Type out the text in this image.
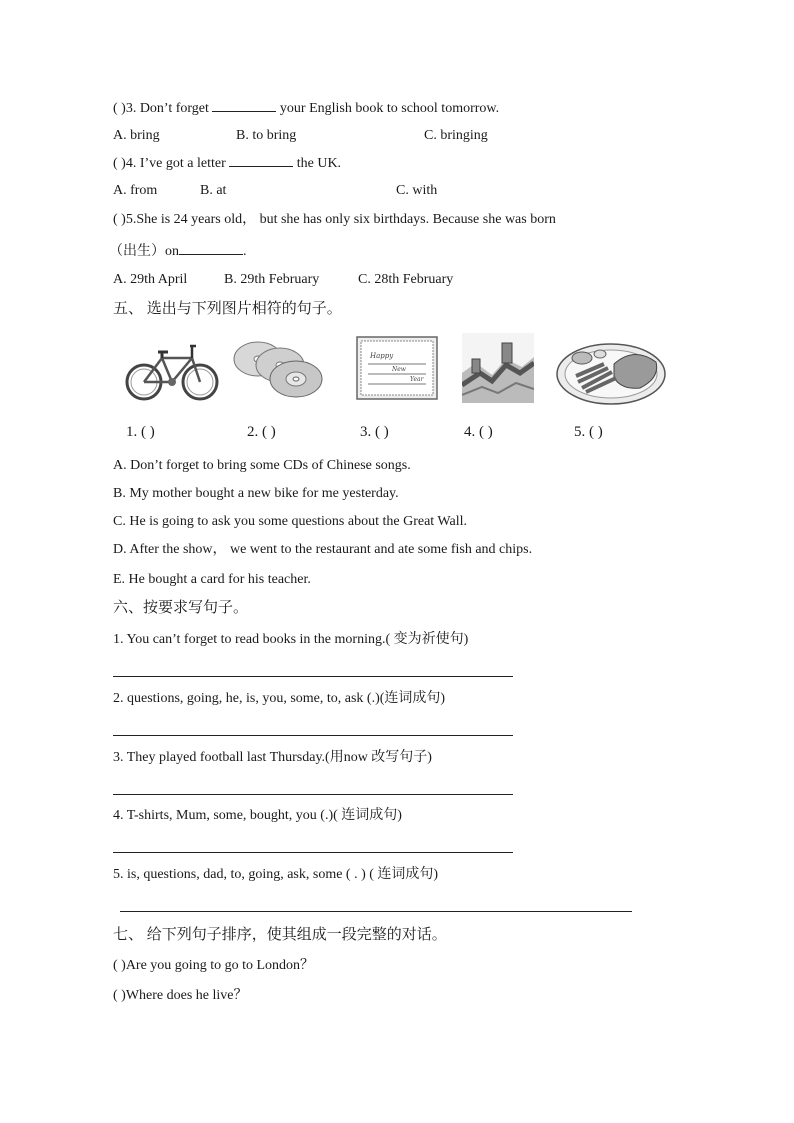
( )3. Don’t forget	your English book to school tomorrow.
A. bring	B. to bring	C. bringing
( )4. I’ve got a letter	the UK.
A. from	B. at	C. with
( )5.She is 24 years old， but she has only six birthdays. Because she was born
（出生）on	.
A. 29th April	B. 29th February	C. 28th February
五、 选出与下列图片相符的句子。
Happy
New
Year
1. ( )	2. ( )	3. ( )	4. ( )	5. ( )
A. Don’t forget to bring some CDs of Chinese songs.
B. My mother bought a new bike for me yesterday.
C. He is going to ask you some questions about the Great Wall.
D. After the show， we went to the restaurant and ate some fish and chips.
E. He bought a card for his teacher.
六、按要求写句子。
1. You can’t forget to read books in the morning.( 变为祈使句)
2. questions, going, he, is, you, some, to, ask (.)(连词成句)
3. They played football last Thursday.(用now 改写句子)
4. T-shirts, Mum, some, bought, you (.)( 连词成句)
5. is, questions, dad, to, going, ask, some ( . ) ( 连词成句)
七、 给下列句子排序，使其组成一段完整的对话。
( )Are you going to go to London？
( )Where does he live？
